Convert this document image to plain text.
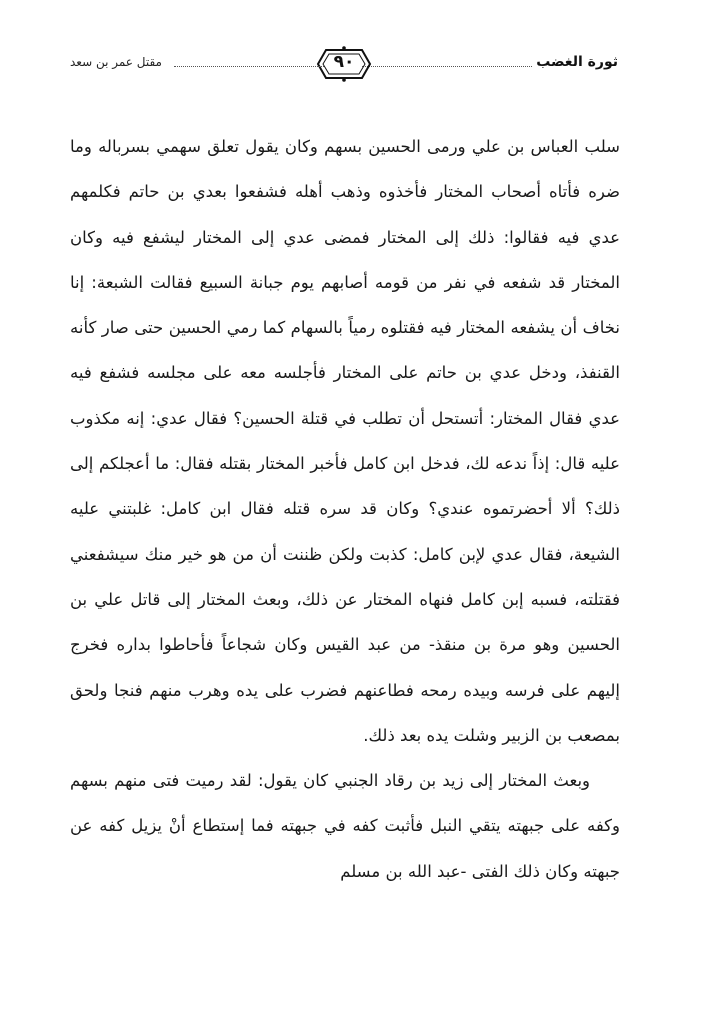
ثورة الغضب
٩٠
مقتل عمر بن سعد

سلب العباس بن علي ورمى الحسين بسهم وكان يقول تعلق سهمي بسرباله وما ضره فأتاه أصحاب المختار فأخذوه وذهب أهله فشفعوا بعدي بن حاتم فكلمهم عدي فيه فقالوا: ذلك إلى المختار فمضى عدي إلى المختار ليشفع فيه وكان المختار قد شفعه في نفر من قومه أصابهم يوم جبانة السبيع فقالت الشبعة: إنا نخاف أن يشفعه المختار فيه فقتلوه رمياً بالسهام كما رمي الحسين حتى صار كأنه القنفذ، ودخل عدي بن حاتم على المختار فأجلسه معه على مجلسه فشفع فيه عدي فقال المختار: أتستحل أن تطلب في قتلة الحسين؟ فقال عدي: إنه مكذوب عليه قال: إذاً ندعه لك، فدخل ابن كامل فأخبر المختار بقتله فقال: ما أعجلكم إلى ذلك؟ ألا أحضرتموه عندي؟ وكان قد سره قتله فقال ابن كامل: غلبتني عليه الشيعة، فقال عدي لإبن كامل: كذبت ولكن ظننت أن من هو خير منك سيشفعني فقتلته، فسبه إبن كامل فنهاه المختار عن ذلك، وبعث المختار إلى قاتل علي بن الحسين وهو مرة بن منقذ- من عبد القيس وكان شجاعاً فأحاطوا بداره فخرج إليهم على فرسه وبيده رمحه فطاعنهم فضرب على يده وهرب منهم فنجا ولحق بمصعب بن الزبير وشلت يده بعد ذلك.

وبعث المختار إلى زيد بن رقاد الجنبي كان يقول: لقد رميت فتى منهم بسهم وكفه على جبهته يتقي النبل فأثبت كفه في جبهته فما إستطاع أنْ يزيل كفه عن جبهته وكان ذلك الفتى -عبد الله بن مسلم
